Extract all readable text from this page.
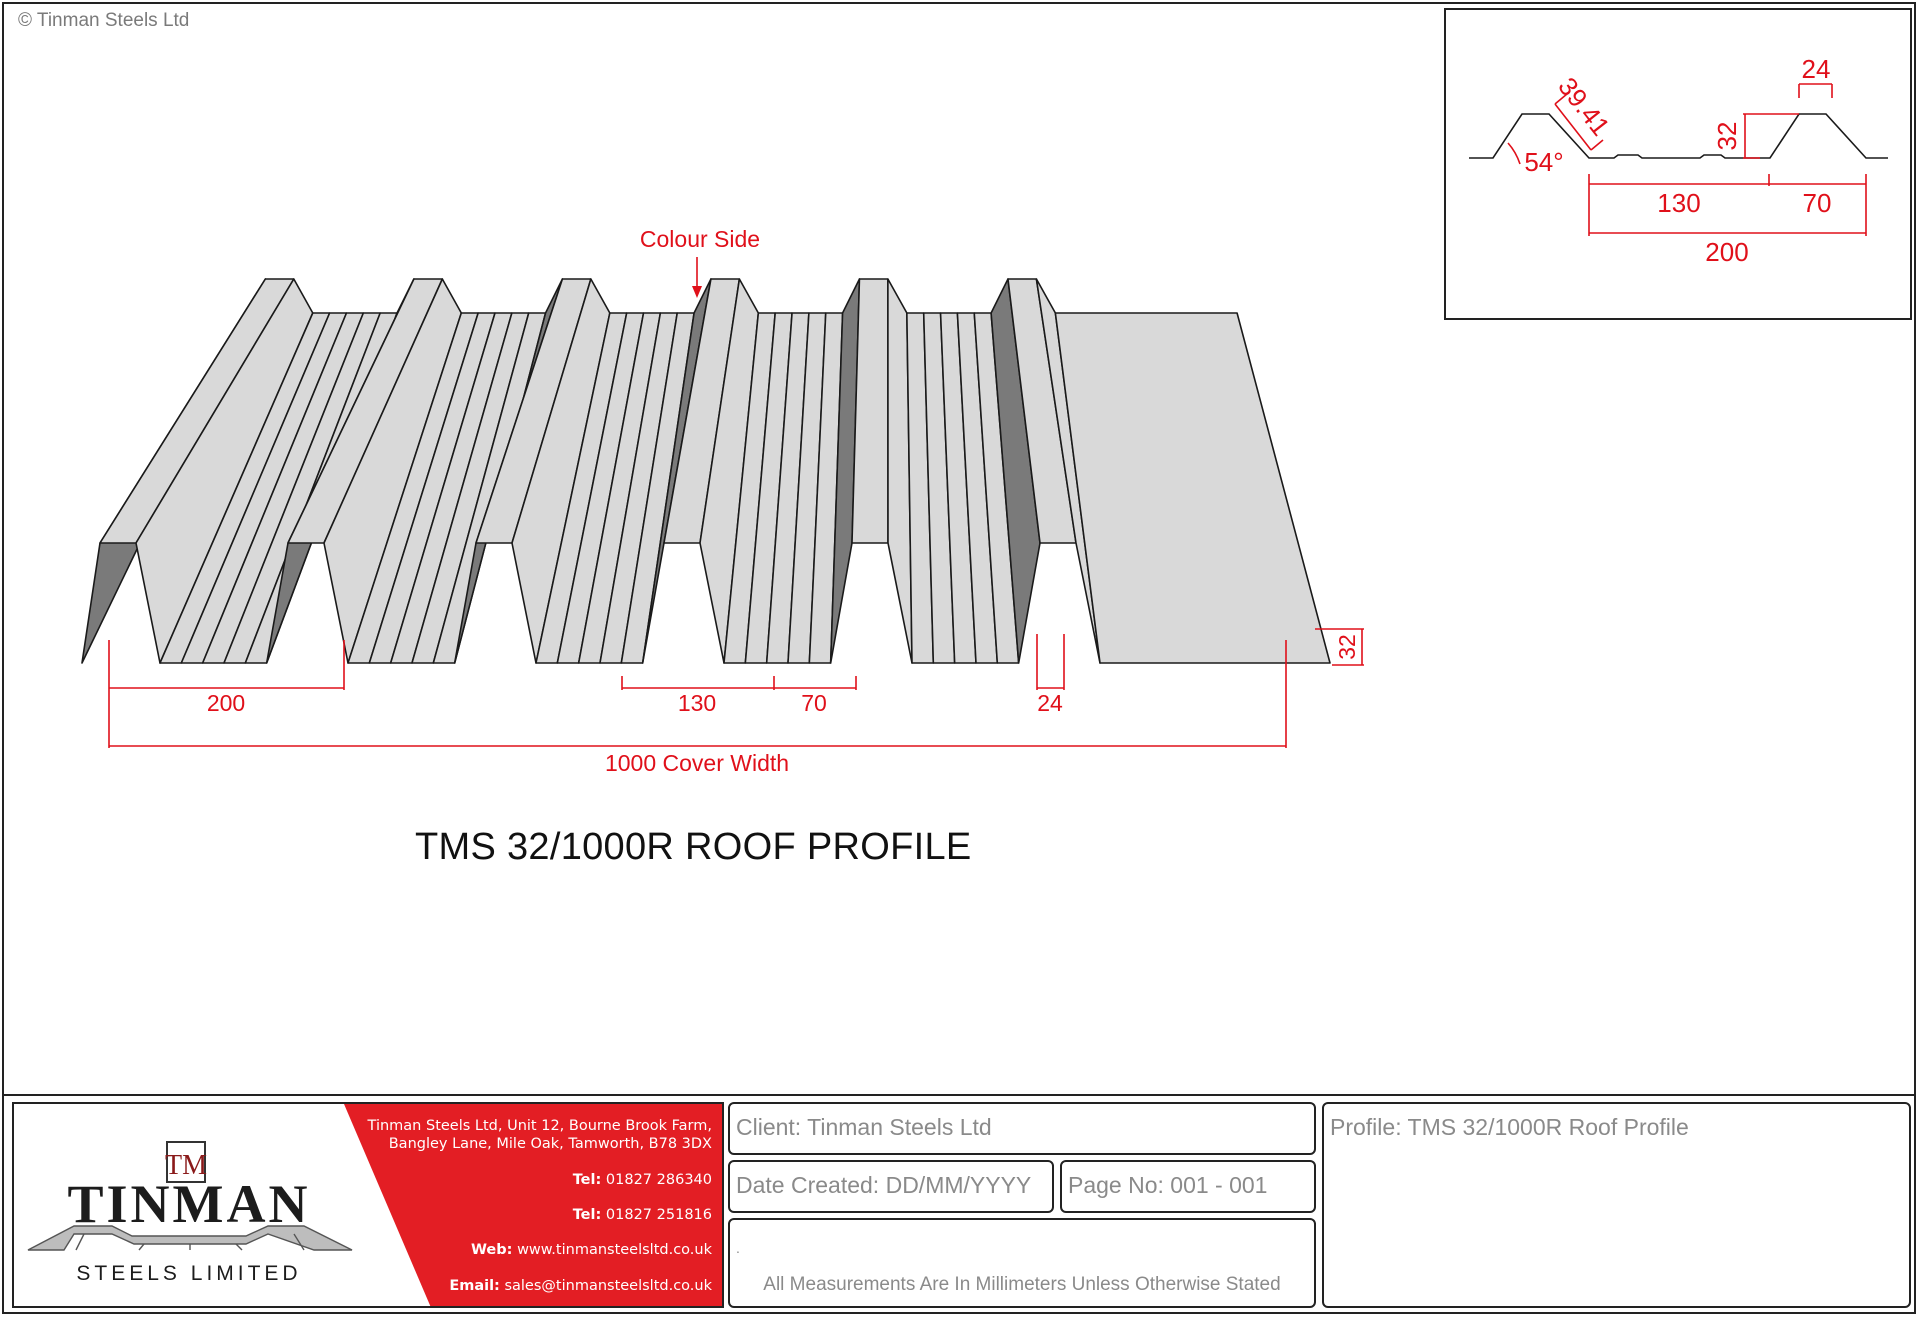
© Tinman Steels Ltd
Colour Side
200	130	70	24
1000 Cover Width
32
24
39.41
54°
32
130	70
200
TMS 32/1000R ROOF PROFILE
TM
TINMAN
STEELS LIMITED
Tinman Steels Ltd, Unit 12, Bourne Brook Farm,
Bangley Lane, Mile Oak, Tamworth, B78 3DX
Tel: 01827 286340
Tel: 01827 251816
Web: www.tinmansteelsltd.co.uk
Email: sales@tinmansteelsltd.co.uk
Client: Tinman Steels Ltd
Date Created: DD/MM/YYYY Page No: 001 - 001
.
All Measurements Are In Millimeters Unless Otherwise Stated
Profile: TMS 32/1000R Roof Profile
